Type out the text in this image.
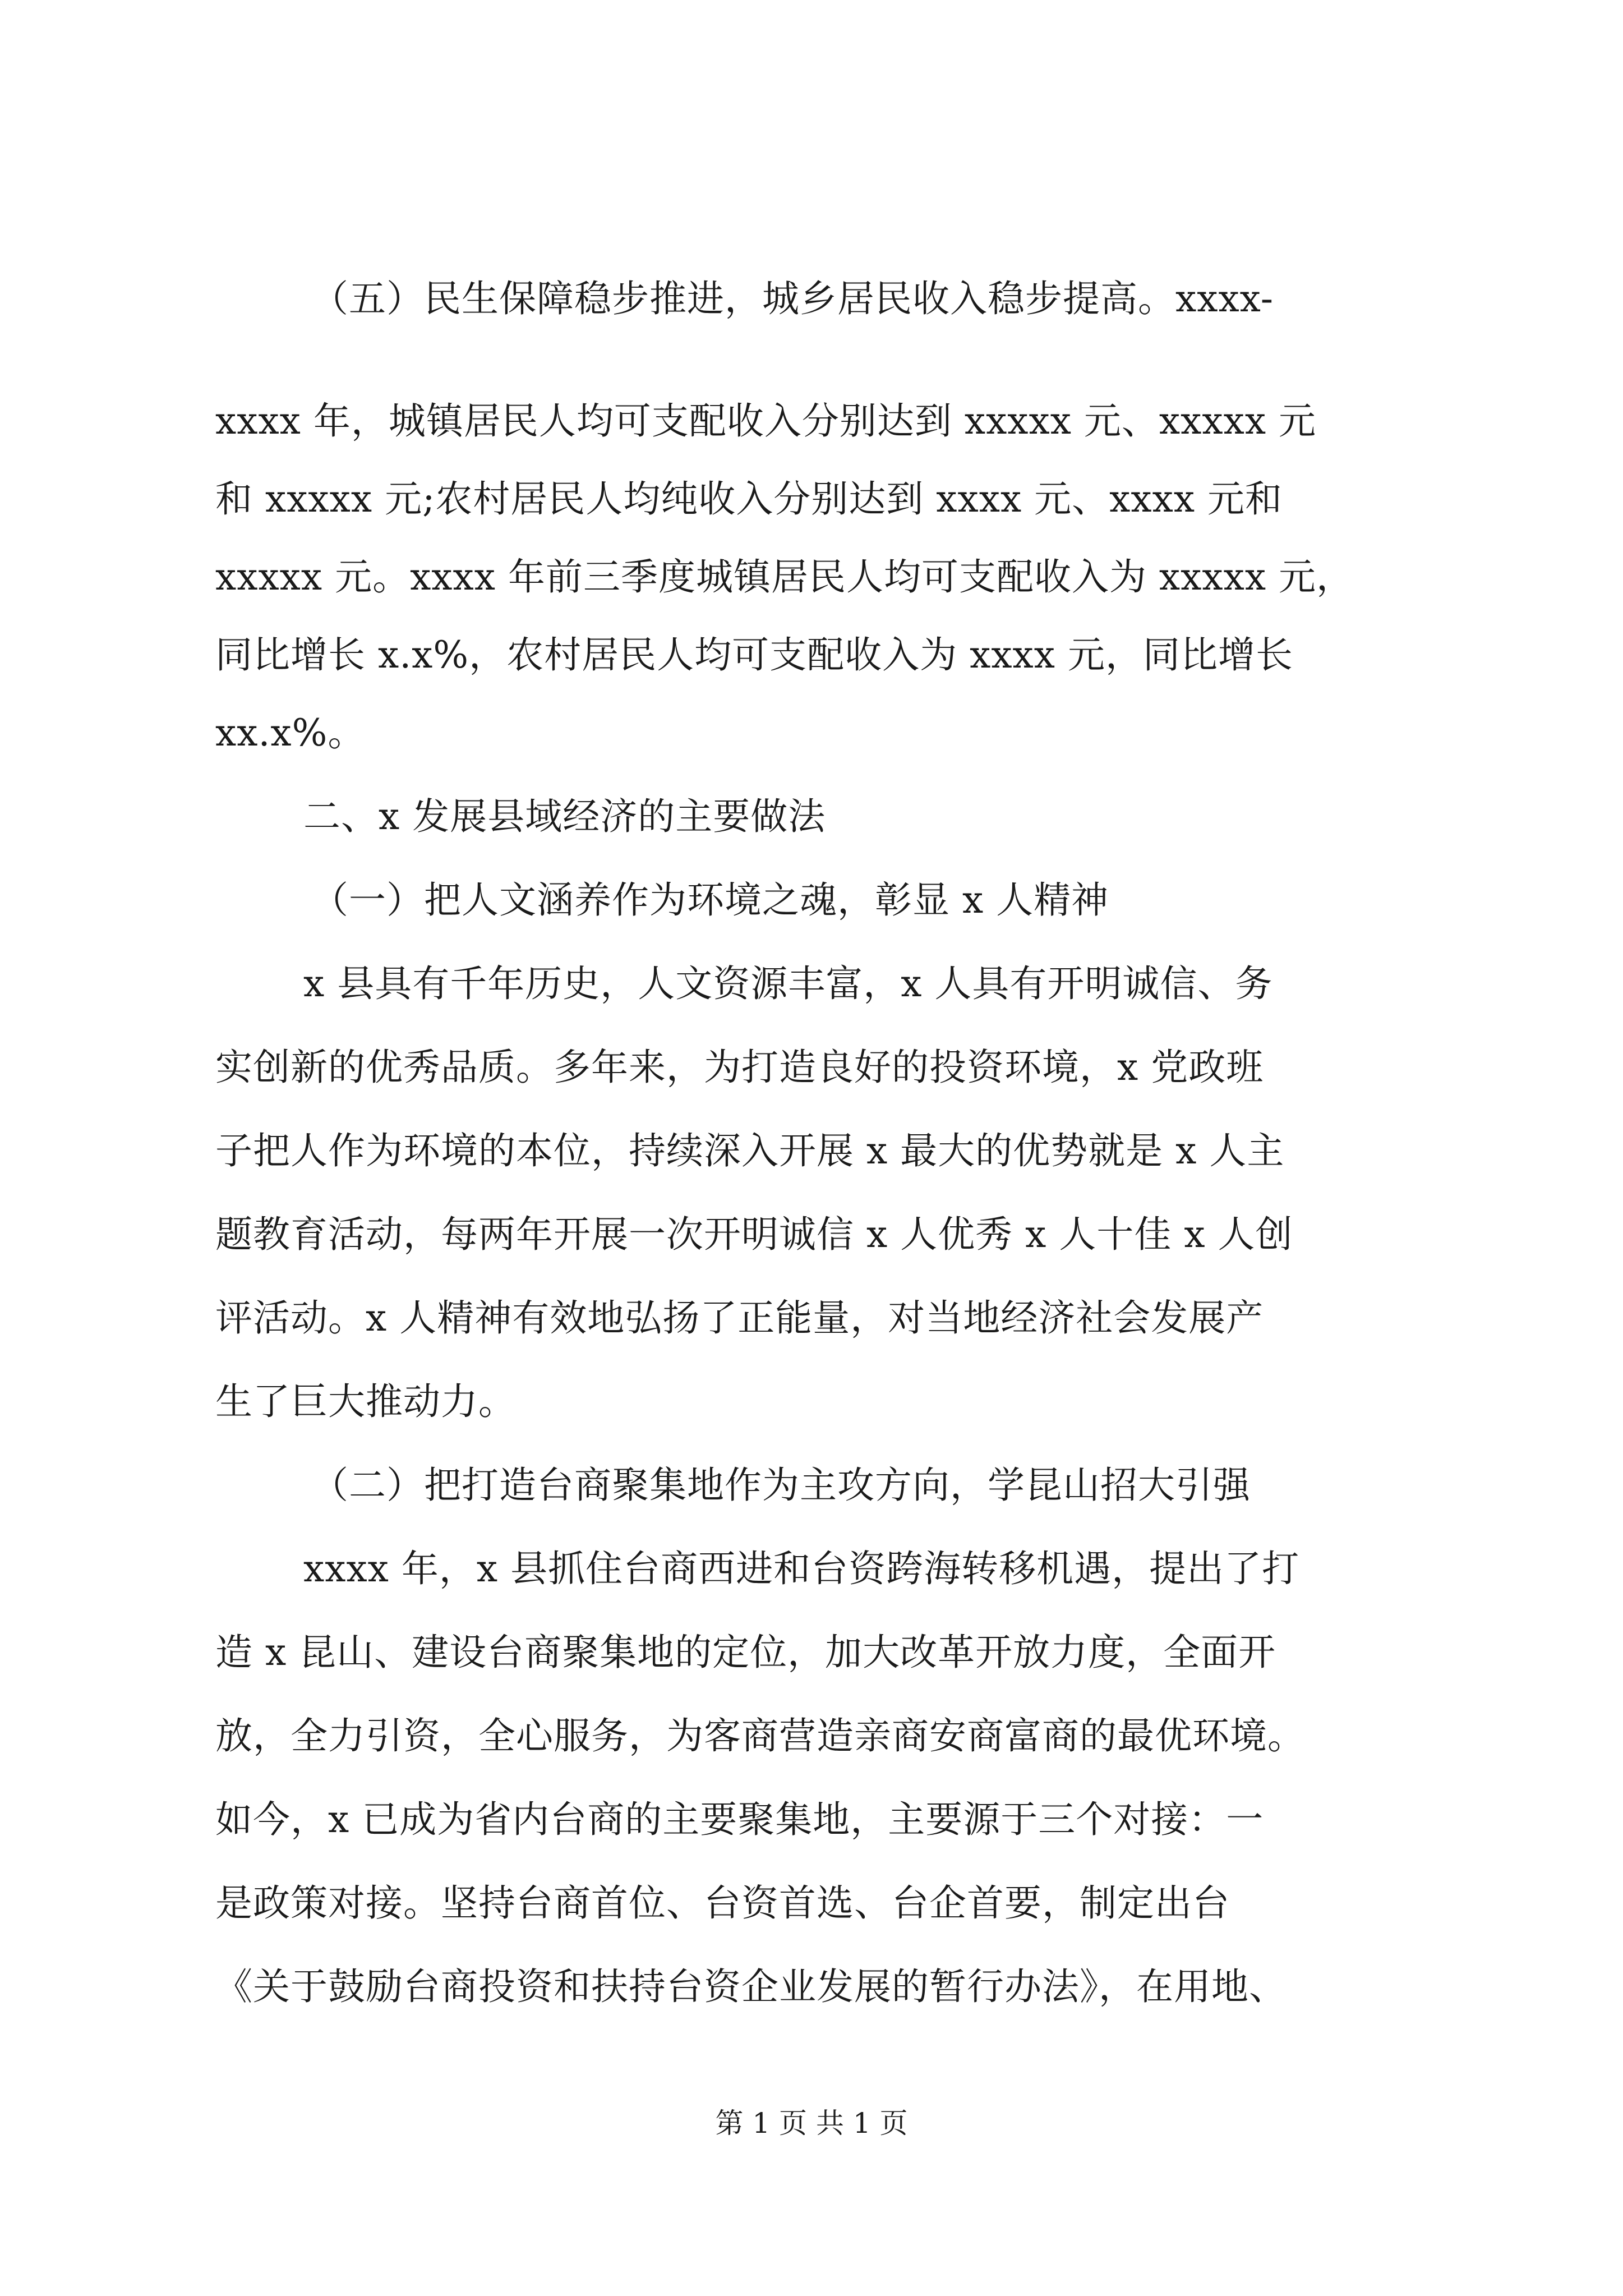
（五）民生保障稳步推进，城乡居民收入稳步提高。xxxx-
xxxx 年，城镇居民人均可支配收入分别达到 xxxxx 元、xxxxx 元
和 xxxxx 元;农村居民人均纯收入分别达到 xxxx 元、xxxx 元和
xxxxx 元。xxxx 年前三季度城镇居民人均可支配收入为 xxxxx 元，
同比增长 x.x%，农村居民人均可支配收入为 xxxx 元，同比增长
xx.x%。
二、x 发展县域经济的主要做法
（一）把人文涵养作为环境之魂，彰显 x 人精神
x 县具有千年历史，人文资源丰富，x 人具有开明诚信、务
实创新的优秀品质。多年来，为打造良好的投资环境，x 党政班
子把人作为环境的本位，持续深入开展 x 最大的优势就是 x 人主
题教育活动，每两年开展一次开明诚信 x 人优秀 x 人十佳 x 人创
评活动。x 人精神有效地弘扬了正能量，对当地经济社会发展产
生了巨大推动力。
（二）把打造台商聚集地作为主攻方向，学昆山招大引强
xxxx 年，x 县抓住台商西进和台资跨海转移机遇，提出了打
造 x 昆山、建设台商聚集地的定位，加大改革开放力度，全面开
放，全力引资，全心服务，为客商营造亲商安商富商的最优环境。
如今，x 已成为省内台商的主要聚集地，主要源于三个对接：一
是政策对接。坚持台商首位、台资首选、台企首要，制定出台
《关于鼓励台商投资和扶持台资企业发展的暂行办法》，在用地、
第 1 页 共 1 页
